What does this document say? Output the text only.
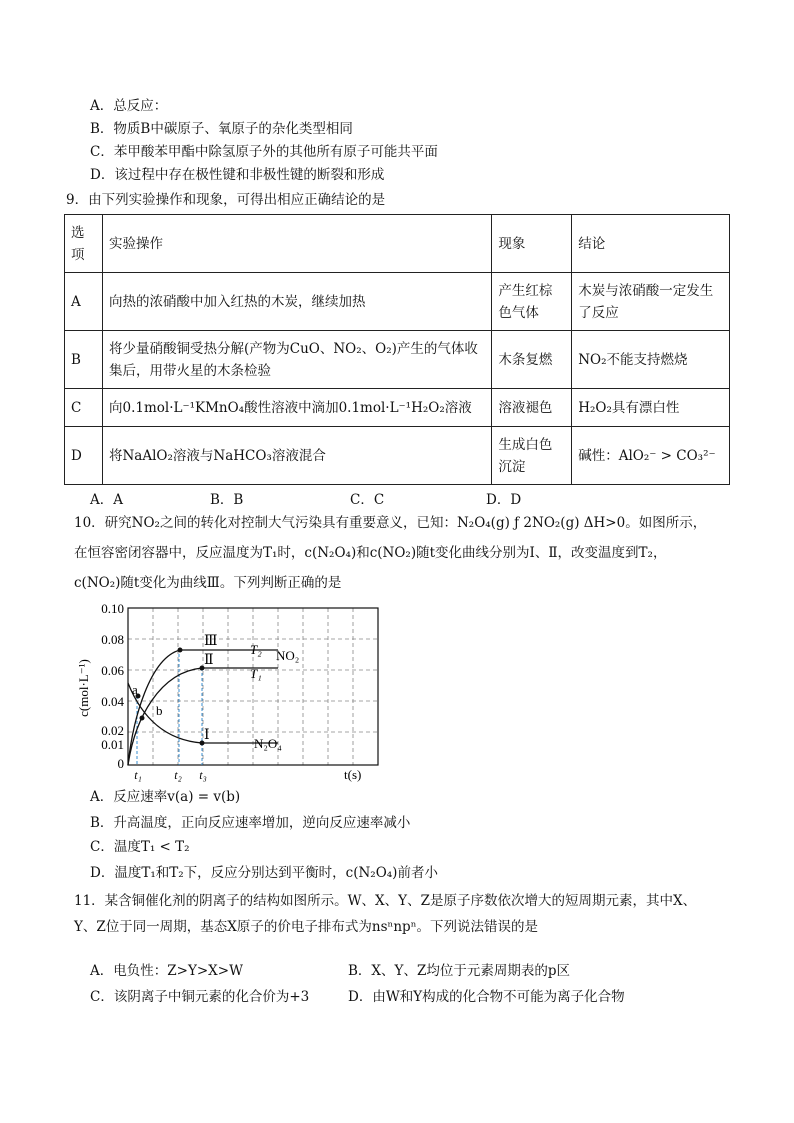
A．总反应：
B．物质B中碳原子、氧原子的杂化类型相同
C．苯甲酸苯甲酯中除氢原子外的其他所有原子可能共平面
D．该过程中存在极性键和非极性键的断裂和形成
9．由下列实验操作和现象，可得出相应正确结论的是
选项	实验操作	现象	结论
A	向热的浓硝酸中加入红热的木炭，继续加热	产生红棕色气体	木炭与浓硝酸一定发生了反应
B	将少量硝酸铜受热分解(产物为CuO、NO₂、O₂)产生的气体收集后，用带火星的木条检验	木条复燃	NO₂不能支持燃烧
C	向0.1mol·L⁻¹KMnO₄酸性溶液中滴加0.1mol·L⁻¹H₂O₂溶液	溶液褪色	H₂O₂具有漂白性
D	将NaAlO₂溶液与NaHCO₃溶液混合	生成白色沉淀	碱性：AlO₂⁻ > CO₃²⁻
A．A	B．B	C．C	D．D
10．研究NO₂之间的转化对控制大气污染具有重要意义，已知：N₂O₄(g) ƒ 2NO₂(g) ΔH>0。如图所示，
在恒容密闭容器中，反应温度为T₁时，c(N₂O₄)和c(NO₂)随t变化曲线分别为Ⅰ、Ⅱ，改变温度到T₂，
c(NO₂)随t变化为曲线Ⅲ。下列判断正确的是
a
b
Ⅲ
Ⅱ
Ⅰ
T₂ NO₂
T₁
N₂O₄
0.10
0.08
0.06
0.04
0.02
0.01
0
t₁	t₂ t₃	t(s)
c(mol·L⁻¹)
A．反应速率v(a) = v(b)
B．升高温度，正向反应速率增加，逆向反应速率减小
C．温度T₁ < T₂
D．温度T₁和T₂下，反应分别达到平衡时，c(N₂O₄)前者小
11．某含铜催化剂的阴离子的结构如图所示。W、X、Y、Z是原子序数依次增大的短周期元素，其中X、
Y、Z位于同一周期，基态X原子的价电子排布式为nsⁿnpⁿ。下列说法错误的是
A．电负性：Z>Y>X>W	B．X、Y、Z均位于元素周期表的p区
C．该阴离子中铜元素的化合价为+3	D．由W和Y构成的化合物不可能为离子化合物
